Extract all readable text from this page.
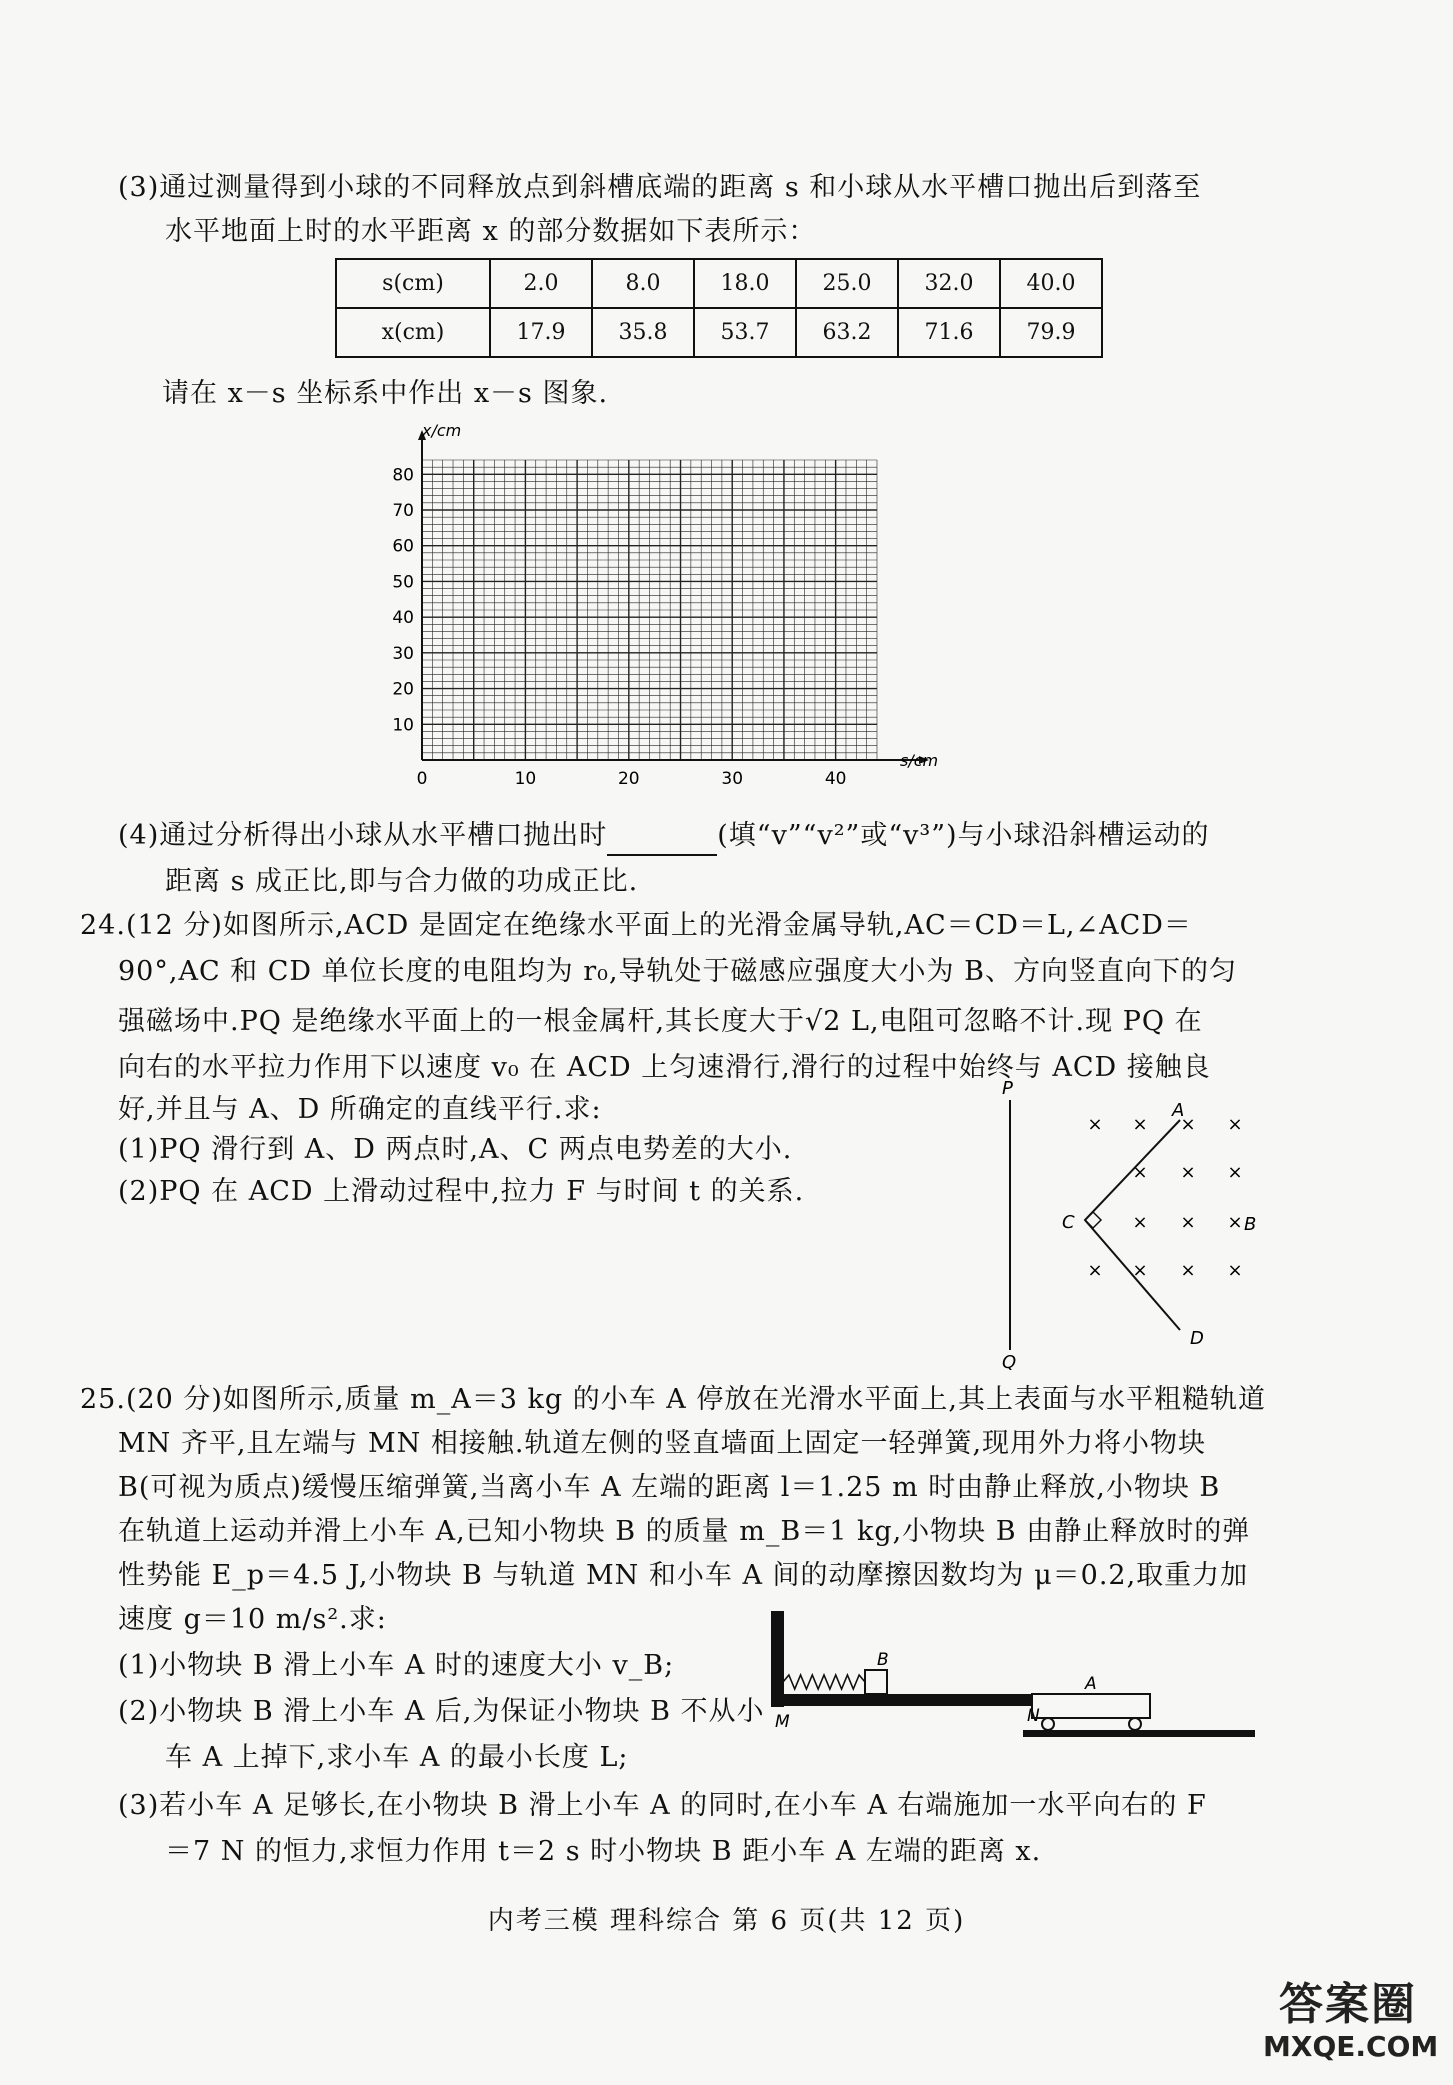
(3)通过测量得到小球的不同释放点到斜槽底端的距离 s 和小球从水平槽口抛出后到落至
水平地面上时的水平距离 x 的部分数据如下表所示：
s(cm)	2.0	8.0	18.0	25.0	32.0	40.0
x(cm)	17.9	35.8	53.7	63.2	71.6	79.9
请在 x－s 坐标系中作出 x－s 图象.
10
20
30
40
50
60
70
80
0	10	20	30	40
x/cm
s/cm
(4)通过分析得出小球从水平槽口抛出时	(填“v”“v²”或“v³”)与小球沿斜槽运动的
距离 s 成正比,即与合力做的功成正比.
24.(12 分)如图所示,ACD 是固定在绝缘水平面上的光滑金属导轨,AC＝CD＝L,∠ACD＝
90°,AC 和 CD 单位长度的电阻均为 r₀,导轨处于磁感应强度大小为 B、方向竖直向下的匀
强磁场中.PQ 是绝缘水平面上的一根金属杆,其长度大于√2 L,电阻可忽略不计.现 PQ 在
向右的水平拉力作用下以速度 v₀ 在 ACD 上匀速滑行,滑行的过程中始终与 ACD 接触良
好,并且与 A、D 所确定的直线平行.求:
(1)PQ 滑行到 A、D 两点时,A、C 两点电势差的大小.
(2)PQ 在 ACD 上滑动过程中,拉力 F 与时间 t 的关系.
P
Q
A
C
D
B
× × × ×
× × ×
× × ×
× × × ×
25.(20 分)如图所示,质量 m_A＝3 kg 的小车 A 停放在光滑水平面上,其上表面与水平粗糙轨道
MN 齐平,且左端与 MN 相接触.轨道左侧的竖直墙面上固定一轻弹簧,现用外力将小物块
B(可视为质点)缓慢压缩弹簧,当离小车 A 左端的距离 l＝1.25 m 时由静止释放,小物块 B
在轨道上运动并滑上小车 A,已知小物块 B 的质量 m_B＝1 kg,小物块 B 由静止释放时的弹
性势能 E_p＝4.5 J,小物块 B 与轨道 MN 和小车 A 间的动摩擦因数均为 μ＝0.2,取重力加
速度 g＝10 m/s².求:
(1)小物块 B 滑上小车 A 时的速度大小 v_B;
(2)小物块 B 滑上小车 A 后,为保证小物块 B 不从小
车 A 上掉下,求小车 A 的最小长度 L;
(3)若小车 A 足够长,在小物块 B 滑上小车 A 的同时,在小车 A 右端施加一水平向右的 F
＝7 N 的恒力,求恒力作用 t＝2 s 时小物块 B 距小车 A 左端的距离 x.
B
M	N
A
内考三模 理科综合 第 6 页(共 12 页)
答案圈
MXQE.COM
